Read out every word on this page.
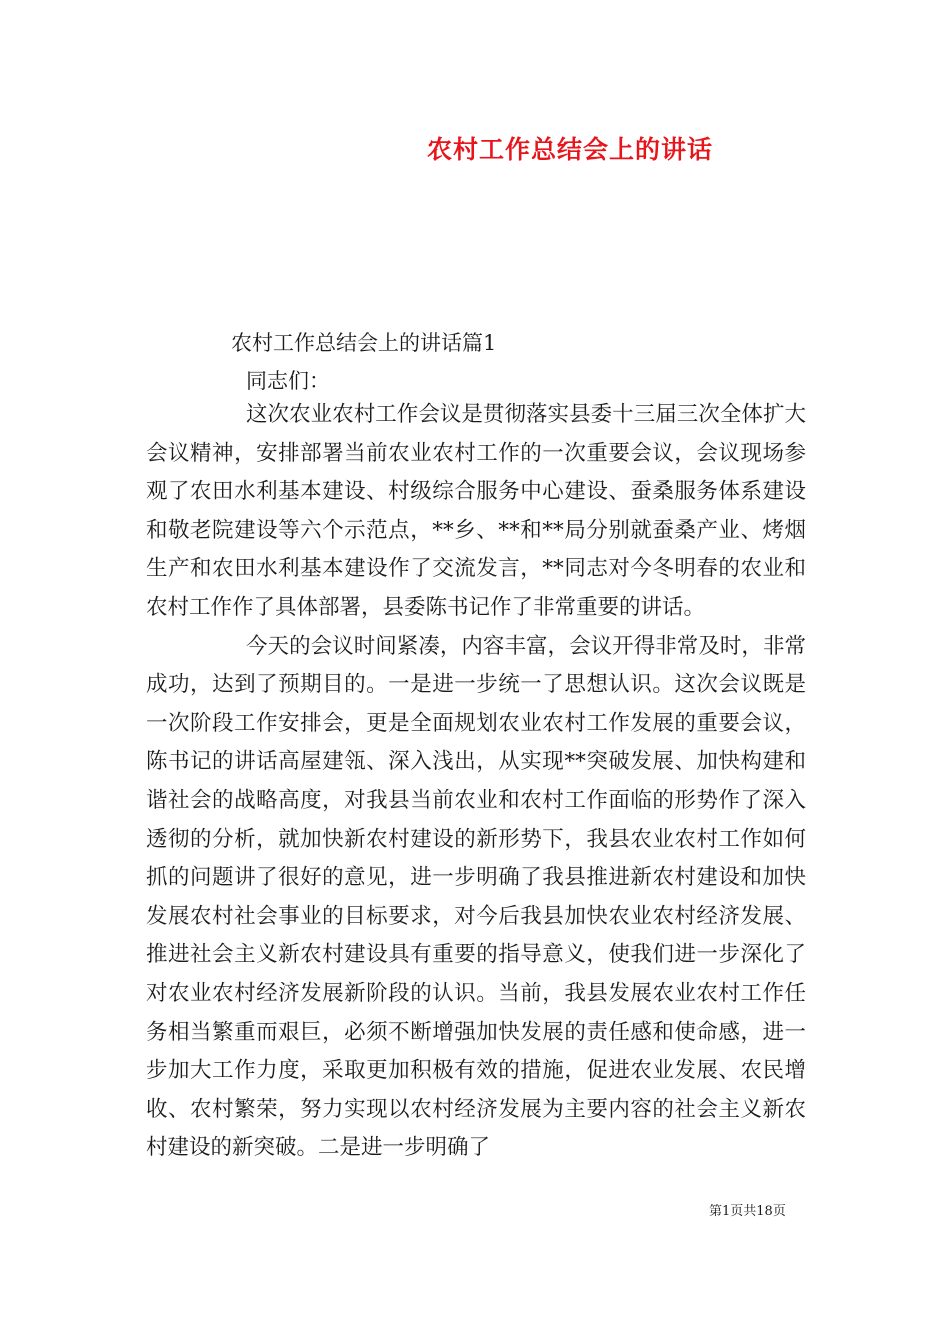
农村工作总结会上的讲话
农村工作总结会上的讲话篇1
同志们：

这次农业农村工作会议是贯彻落实县委十三届三次全体扩大会议精神，安排部署当前农业农村工作的一次重要会议，会议现场参观了农田水利基本建设、村级综合服务中心建设、蚕桑服务体系建设和敬老院建设等六个示范点，**乡、**和**局分别就蚕桑产业、烤烟生产和农田水利基本建设作了交流发言，**同志对今冬明春的农业和农村工作作了具体部署，县委陈书记作了非常重要的讲话。

今天的会议时间紧凑，内容丰富，会议开得非常及时，非常成功，达到了预期目的。一是进一步统一了思想认识。这次会议既是一次阶段工作安排会，更是全面规划农业农村工作发展的重要会议，陈书记的讲话高屋建瓴、深入浅出，从实现**突破发展、加快构建和谐社会的战略高度，对我县当前农业和农村工作面临的形势作了深入透彻的分析，就加快新农村建设的新形势下，我县农业农村工作如何抓的问题讲了很好的意见，进一步明确了我县推进新农村建设和加快发展农村社会事业的目标要求，对今后我县加快农业农村经济发展、推进社会主义新农村建设具有重要的指导意义，使我们进一步深化了对农业农村经济发展新阶段的认识。当前，我县发展农业农村工作任务相当繁重而艰巨，必须不断增强加快发展的责任感和使命感，进一步加大工作力度，采取更加积极有效的措施，促进农业发展、农民增收、农村繁荣，努力实现以农村经济发展为主要内容的社会主义新农村建设的新突破。二是进一步明确了

第1页共18页
